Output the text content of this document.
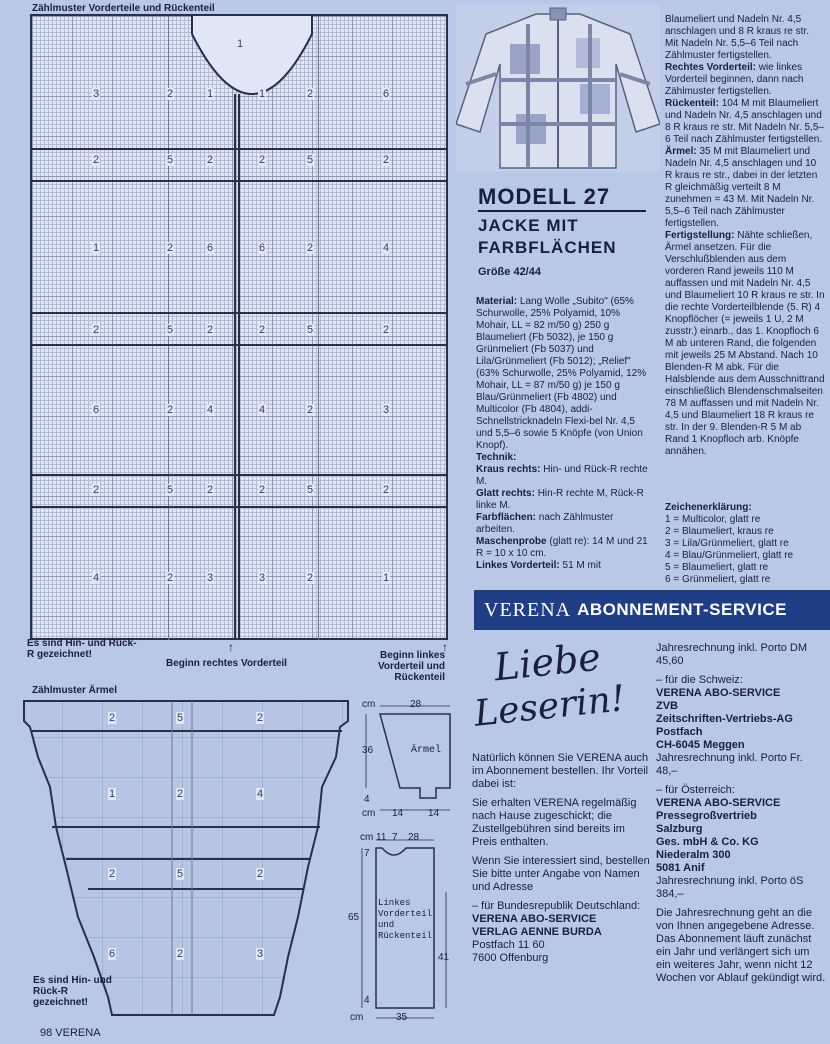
Zählmuster Vorderteile und Rückenteil
1
3	2	1	1	2	6
2	5	2	2	5	2
1	2	6	6	2	4
2	5	2	2	5	2
6	2	4	4	2	3
2	5	2	2	5	2
4	2	3	3	2	1
Es sind Hin- und Rück-R gezeichnet!
↑	↑
Beginn rechtes Vorderteil
Beginn linkes Vorderteil und Rückenteil
Zählmuster Ärmel
2	5	2
1	2	4
2	5	2
6	2	3
Es sind Hin- und Rück-R gezeichnet!
cm	28
36	Ärmel
4
cm 14 14
cm 11 7 28
7
65
41
4
cm	35
Linkes
Vorderteil
und
Rückenteil
98 VERENA
MODELL 27
JACKE MIT
FARBFLÄCHEN
Größe 42/44
Material: Lang Wolle „Subito" (65% Schurwolle, 25% Polyamid, 10% Mohair, LL = 82 m/50 g) 250 g Blaumeliert (Fb 5032), je 150 g Grünmeliert (Fb 5037) und Lila/Grünmeliert (Fb 5012); „Relief" (63% Schurwolle, 25% Polyamid, 12% Mohair, LL = 87 m/50 g) je 150 g Blau/Grünmeliert (Fb 4802) und Multicolor (Fb 4804), addi-Schnellstricknadeln Flexi-bel Nr. 4,5 und 5,5–6 sowie 5 Knöpfe (von Union Knopf).
Technik:
Kraus rechts: Hin- und Rück-R rechte M.
Glatt rechts: Hin-R rechte M, Rück-R linke M.
Farbflächen: nach Zählmuster arbeiten.
Maschenprobe (glatt re): 14 M und 21 R = 10 x 10 cm.
Linkes Vorderteil: 51 M mit
Blaumeliert und Nadeln Nr. 4,5 anschlagen und 8 R kraus re str. Mit Nadeln Nr. 5,5–6 Teil nach Zählmuster fertigstellen.
Rechtes Vorderteil: wie linkes Vorderteil beginnen, dann nach Zählmuster fertigstellen.
Rückenteil: 104 M mit Blaumeliert und Nadeln Nr. 4,5 anschlagen und 8 R kraus re str. Mit Nadeln Nr. 5,5–6 Teil nach Zählmuster fertigstellen.
Ärmel: 35 M mit Blaumeliert und Nadeln Nr. 4,5 anschlagen und 10 R kraus re str., dabei in der letzten R gleichmäßig verteilt 8 M zunehmen = 43 M. Mit Nadeln Nr. 5,5–6 Teil nach Zählmuster fertigstellen.
Fertigstellung: Nähte schließen, Ärmel ansetzen. Für die Verschlußblenden aus dem vorderen Rand jeweils 110 M auffassen und mit Nadeln Nr. 4,5 und Blaumeliert 10 R kraus re str. In die rechte Vorderteilblende (5. R) 4 Knopflöcher (= jeweils 1 U, 2 M zusstr.) einarb., das 1. Knopfloch 6 M ab unteren Rand, die folgenden mit jeweils 25 M Abstand. Nach 10 Blenden-R M abk. Für die Halsblende aus dem Ausschnittrand einschließlich Blendenschmalseiten 78 M auffassen und mit Nadeln Nr. 4,5 und Blaumeliert 18 R kraus re str. In der 9. Blenden-R 5 M ab Rand 1 Knopfloch arb. Knöpfe annähen.
Zeichenerklärung:
1 = Multicolor, glatt re
2 = Blaumeliert, kraus re
3 = Lila/Grünmeliert, glatt re
4 = Blau/Grünmeliert, glatt re
5 = Blaumeliert, glatt re
6 = Grünmeliert, glatt re
VERENA ABONNEMENT-SERVICE
Liebe
Leserin!
Natürlich können Sie VERENA auch im Abonnement bestellen. Ihr Vorteil dabei ist:
Sie erhalten VERENA regelmäßig nach Hause zugeschickt; die Zustellgebühren sind bereits im Preis enthalten.
Wenn Sie interessiert sind, bestellen Sie bitte unter Angabe von Namen und Adresse
– für Bundesrepublik Deutschland:
VERENA ABO-SERVICE
VERLAG AENNE BURDA
Postfach 11 60
7600 Offenburg
Jahresrechnung inkl. Porto DM 45,60
– für die Schweiz:
VERENA ABO-SERVICE
ZVB
Zeitschriften-Vertriebs-AG
Postfach
CH-6045 Meggen
Jahresrechnung inkl. Porto Fr. 48,–
– für Österreich:
VERENA ABO-SERVICE
Pressegroßvertrieb
Salzburg
Ges. mbH & Co. KG
Niederalm 300
5081 Anif
Jahresrechnung inkl. Porto öS 384,–
Die Jahresrechnung geht an die von Ihnen angegebene Adresse. Das Abonnement läuft zunächst ein Jahr und verlängert sich um ein weiteres Jahr, wenn nicht 12 Wochen vor Ablauf gekündigt wird.
